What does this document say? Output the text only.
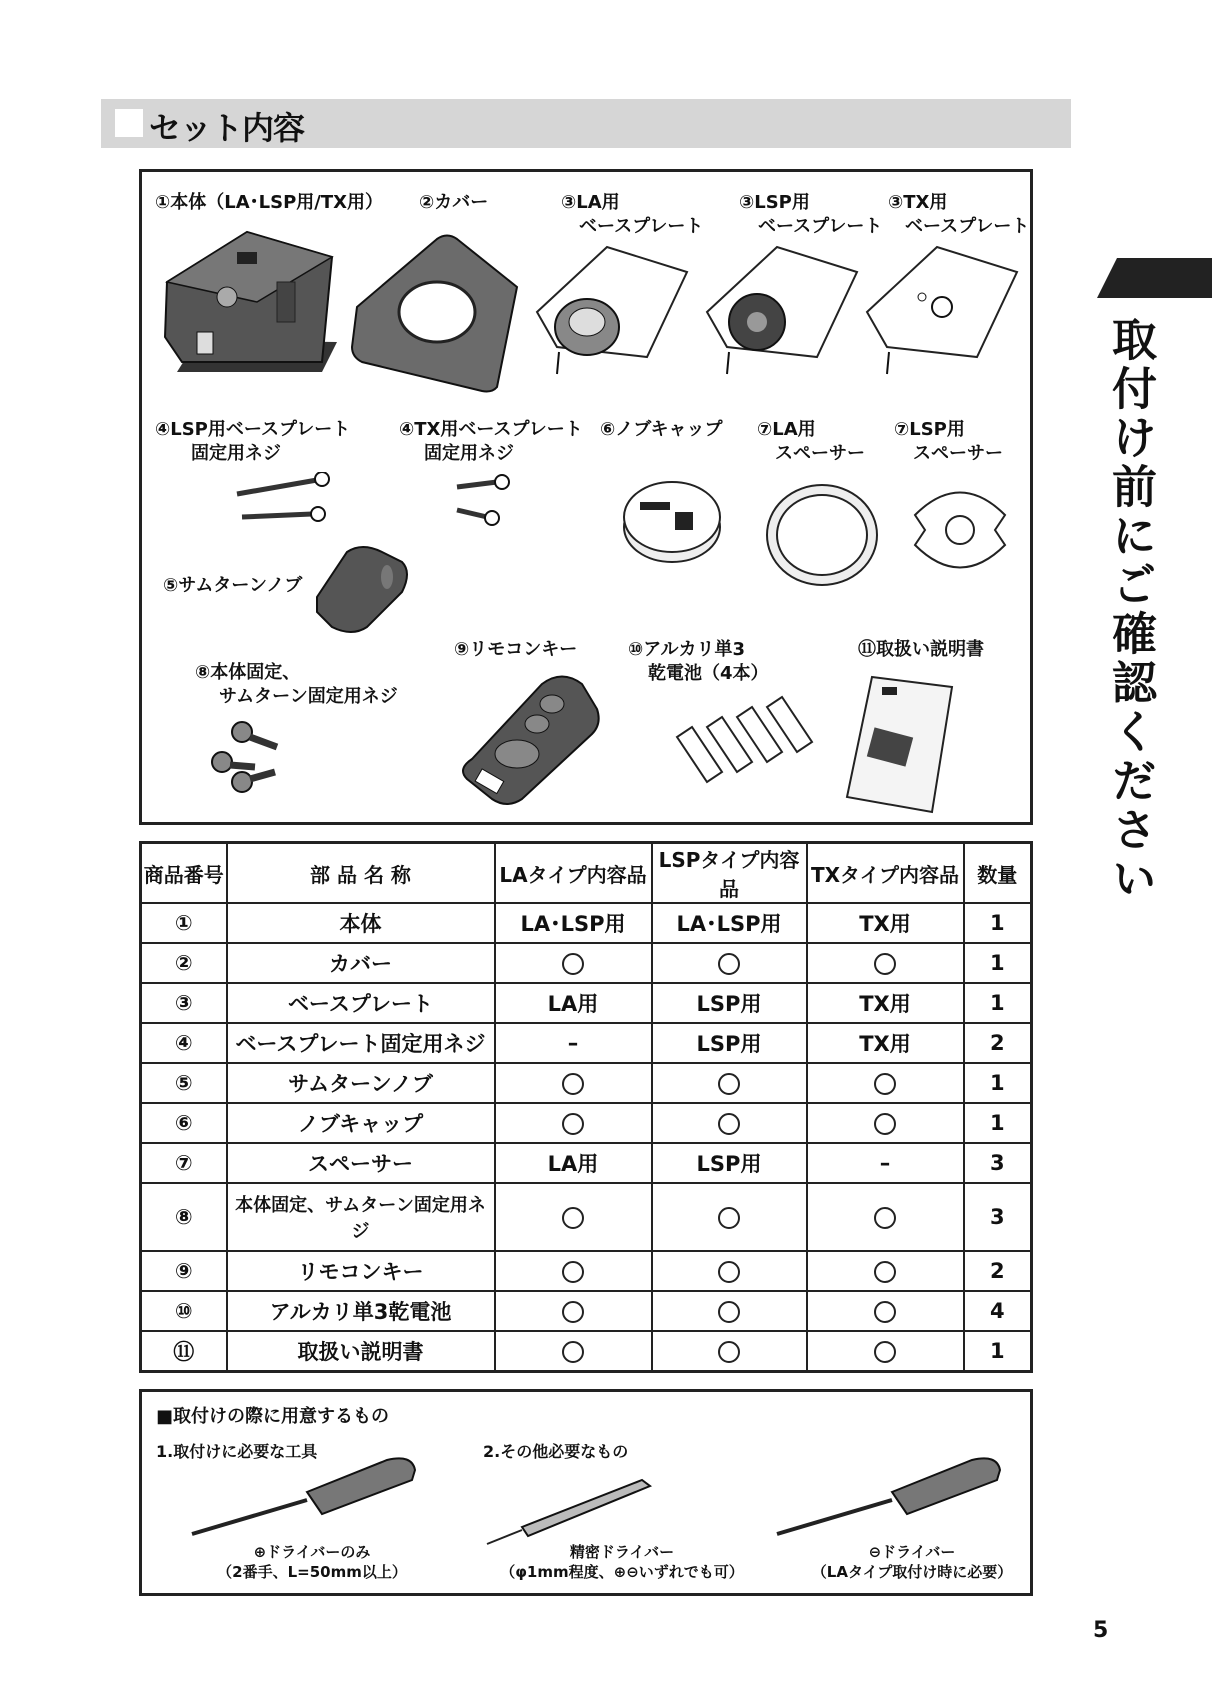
セット内容
取付け前にご確認ください
①本体（LA･LSP用/TX用） ②カバー	③LA用
ベースプレート
③LSP用
ベースプレート
③TX用
ベースプレート
④LSP用ベースプレート
固定用ネジ
④TX用ベースプレート
固定用ネジ
⑥ノブキャップ ⑦LA用
スペーサー
⑦LSP用
スペーサー
⑤サムターンノブ
⑧本体固定、
サムターン固定用ネジ
⑨リモコンキー	⑩アルカリ単3
乾電池（4本）
⑪取扱い説明書
商品番号	部 品 名 称	LAタイプ内容品	LSPタイプ内容品	TXタイプ内容品	数量
①	本体	LA･LSP用	LA･LSP用	TX用	1
②	カバー				1
③	ベースプレート	LA用	LSP用	TX用	1
④	ベースプレート固定用ネジ	–	LSP用	TX用	2
⑤	サムターンノブ				1
⑥	ノブキャップ				1
⑦	スペーサー	LA用	LSP用	–	3
⑧	本体固定、サムターン固定用ネジ				3
⑨	リモコンキー				2
⑩	アルカリ単3乾電池				4
⑪	取扱い説明書				1
■取付けの際に用意するもの
1.取付けに必要な工具	2.その他必要なもの
⊕ドライバーのみ
（2番手、L=50mm以上）
精密ドライバー
（φ1mm程度、⊕⊖いずれでも可）
⊖ドライバー
（LAタイプ取付け時に必要）
5
